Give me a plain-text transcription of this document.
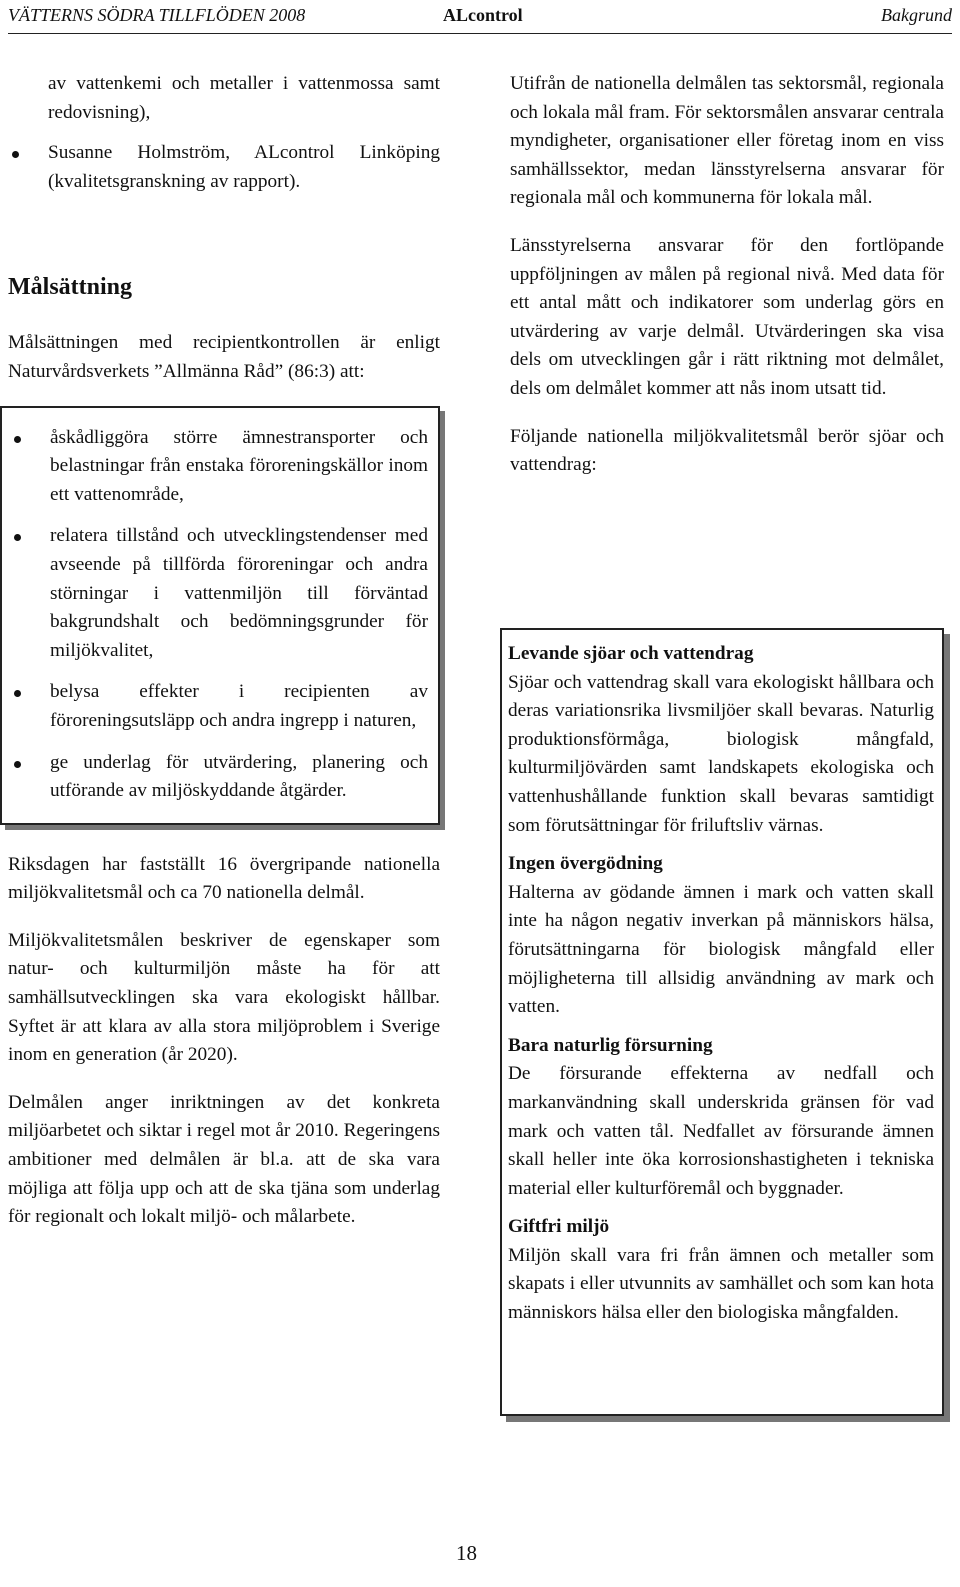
VÄTTERNS SÖDRA TILLFLÖDEN 2008	ALcontrol	Bakgrund

av vattenkemi och metaller i vattenmossa samt redovisning),

Susanne Holmström, ALcontrol Linköping (kvalitetsgranskning av rapport).
Målsättning

Målsättningen med recipientkontrollen är enligt Naturvårdsverkets ”Allmänna Råd” (86:3) att:

åskådliggöra större ämnestransporter och belastningar från enstaka föroreningskällor inom ett vattenområde,
relatera tillstånd och utvecklingstendenser med avseende på tillförda föroreningar och andra störningar i vattenmiljön till förväntad bakgrundshalt och bedömningsgrunder för miljökvalitet,
belysa effekter i recipienten av föroreningsutsläpp och andra ingrepp i naturen,
ge underlag för utvärdering, planering och utförande av miljöskyddande åtgärder.

Riksdagen har fastställt 16 övergripande nationella miljökvalitetsmål och ca 70 nationella delmål.

Miljökvalitetsmålen beskriver de egenskaper som natur- och kulturmiljön måste ha för att samhällsutvecklingen ska vara ekologiskt hållbar. Syftet är att klara av alla stora miljöproblem i Sverige inom en generation (år 2020).

Delmålen anger inriktningen av det konkreta miljöarbetet och siktar i regel mot år 2010. Regeringens ambitioner med delmålen är bl.a. att de ska vara möjliga att följa upp och att de ska tjäna som underlag för regionalt och lokalt miljö- och målarbete.

Utifrån de nationella delmålen tas sektorsmål, regionala och lokala mål fram. För sektorsmålen ansvarar centrala myndigheter, organisationer eller företag inom en viss samhällssektor, medan länsstyrelserna ansvarar för regionala mål och kommunerna för lokala mål.

Länsstyrelserna ansvarar för den fortlöpande uppföljningen av målen på regional nivå. Med data för ett antal mått och indikatorer som underlag görs en utvärdering av varje delmål. Utvärderingen ska visa dels om utvecklingen går i rätt riktning mot delmålet, dels om delmålet kommer att nås inom utsatt tid.

Följande nationella miljökvalitetsmål berör sjöar och vattendrag:

Levande sjöar och vattendrag

Sjöar och vattendrag skall vara ekologiskt hållbara och deras variationsrika livsmiljöer skall bevaras. Naturlig produktionsförmåga, biologisk mångfald, kulturmiljövärden samt landskapets ekologiska och vattenhushållande funktion skall bevaras samtidigt som förutsättningar för friluftsliv värnas.

Ingen övergödning

Halterna av gödande ämnen i mark och vatten skall inte ha någon negativ inverkan på människors hälsa, förutsättningarna för biologisk mångfald eller möjligheterna till allsidig användning av mark och vatten.

Bara naturlig försurning

De försurande effekterna av nedfall och markanvändning skall underskrida gränsen för vad mark och vatten tål. Nedfallet av försurande ämnen skall heller inte öka korrosionshastigheten i tekniska material eller kulturföremål och byggnader.

Giftfri miljö

Miljön skall vara fri från ämnen och metaller som skapats i eller utvunnits av samhället och som kan hota människors hälsa eller den biologiska mångfalden.

18
